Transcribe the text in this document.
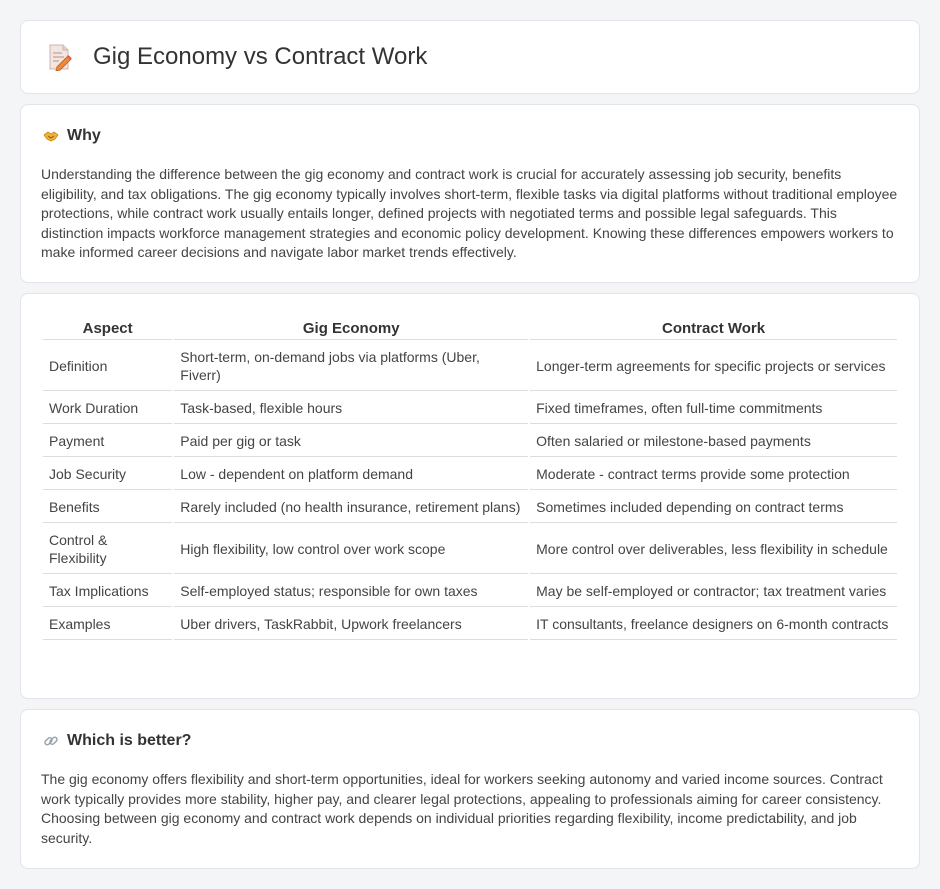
Gig Economy vs Contract Work
Why

Understanding the difference between the gig economy and contract work is crucial for accurately assessing job security, benefits eligibility, and tax obligations. The gig economy typically involves short-term, flexible tasks via digital platforms without traditional employee protections, while contract work usually entails longer, defined projects with negotiated terms and possible legal safeguards. This distinction impacts workforce management strategies and economic policy development. Knowing these differences empowers workers to make informed career decisions and navigate labor market trends effectively.

Aspect	Gig Economy	Contract Work
Definition	Short-term, on-demand jobs via platforms (Uber, Fiverr)	Longer-term agreements for specific projects or services
Work Duration	Task-based, flexible hours	Fixed timeframes, often full-time commitments
Payment	Paid per gig or task	Often salaried or milestone-based payments
Job Security	Low - dependent on platform demand	Moderate - contract terms provide some protection
Benefits	Rarely included (no health insurance, retirement plans)	Sometimes included depending on contract terms
Control & Flexibility	High flexibility, low control over work scope	More control over deliverables, less flexibility in schedule
Tax Implications	Self-employed status; responsible for own taxes	May be self-employed or contractor; tax treatment varies
Examples	Uber drivers, TaskRabbit, Upwork freelancers	IT consultants, freelance designers on 6-month contracts
Which is better?

The gig economy offers flexibility and short-term opportunities, ideal for workers seeking autonomy and varied income sources. Contract work typically provides more stability, higher pay, and clearer legal protections, appealing to professionals aiming for career consistency. Choosing between gig economy and contract work depends on individual priorities regarding flexibility, income predictability, and job security.
